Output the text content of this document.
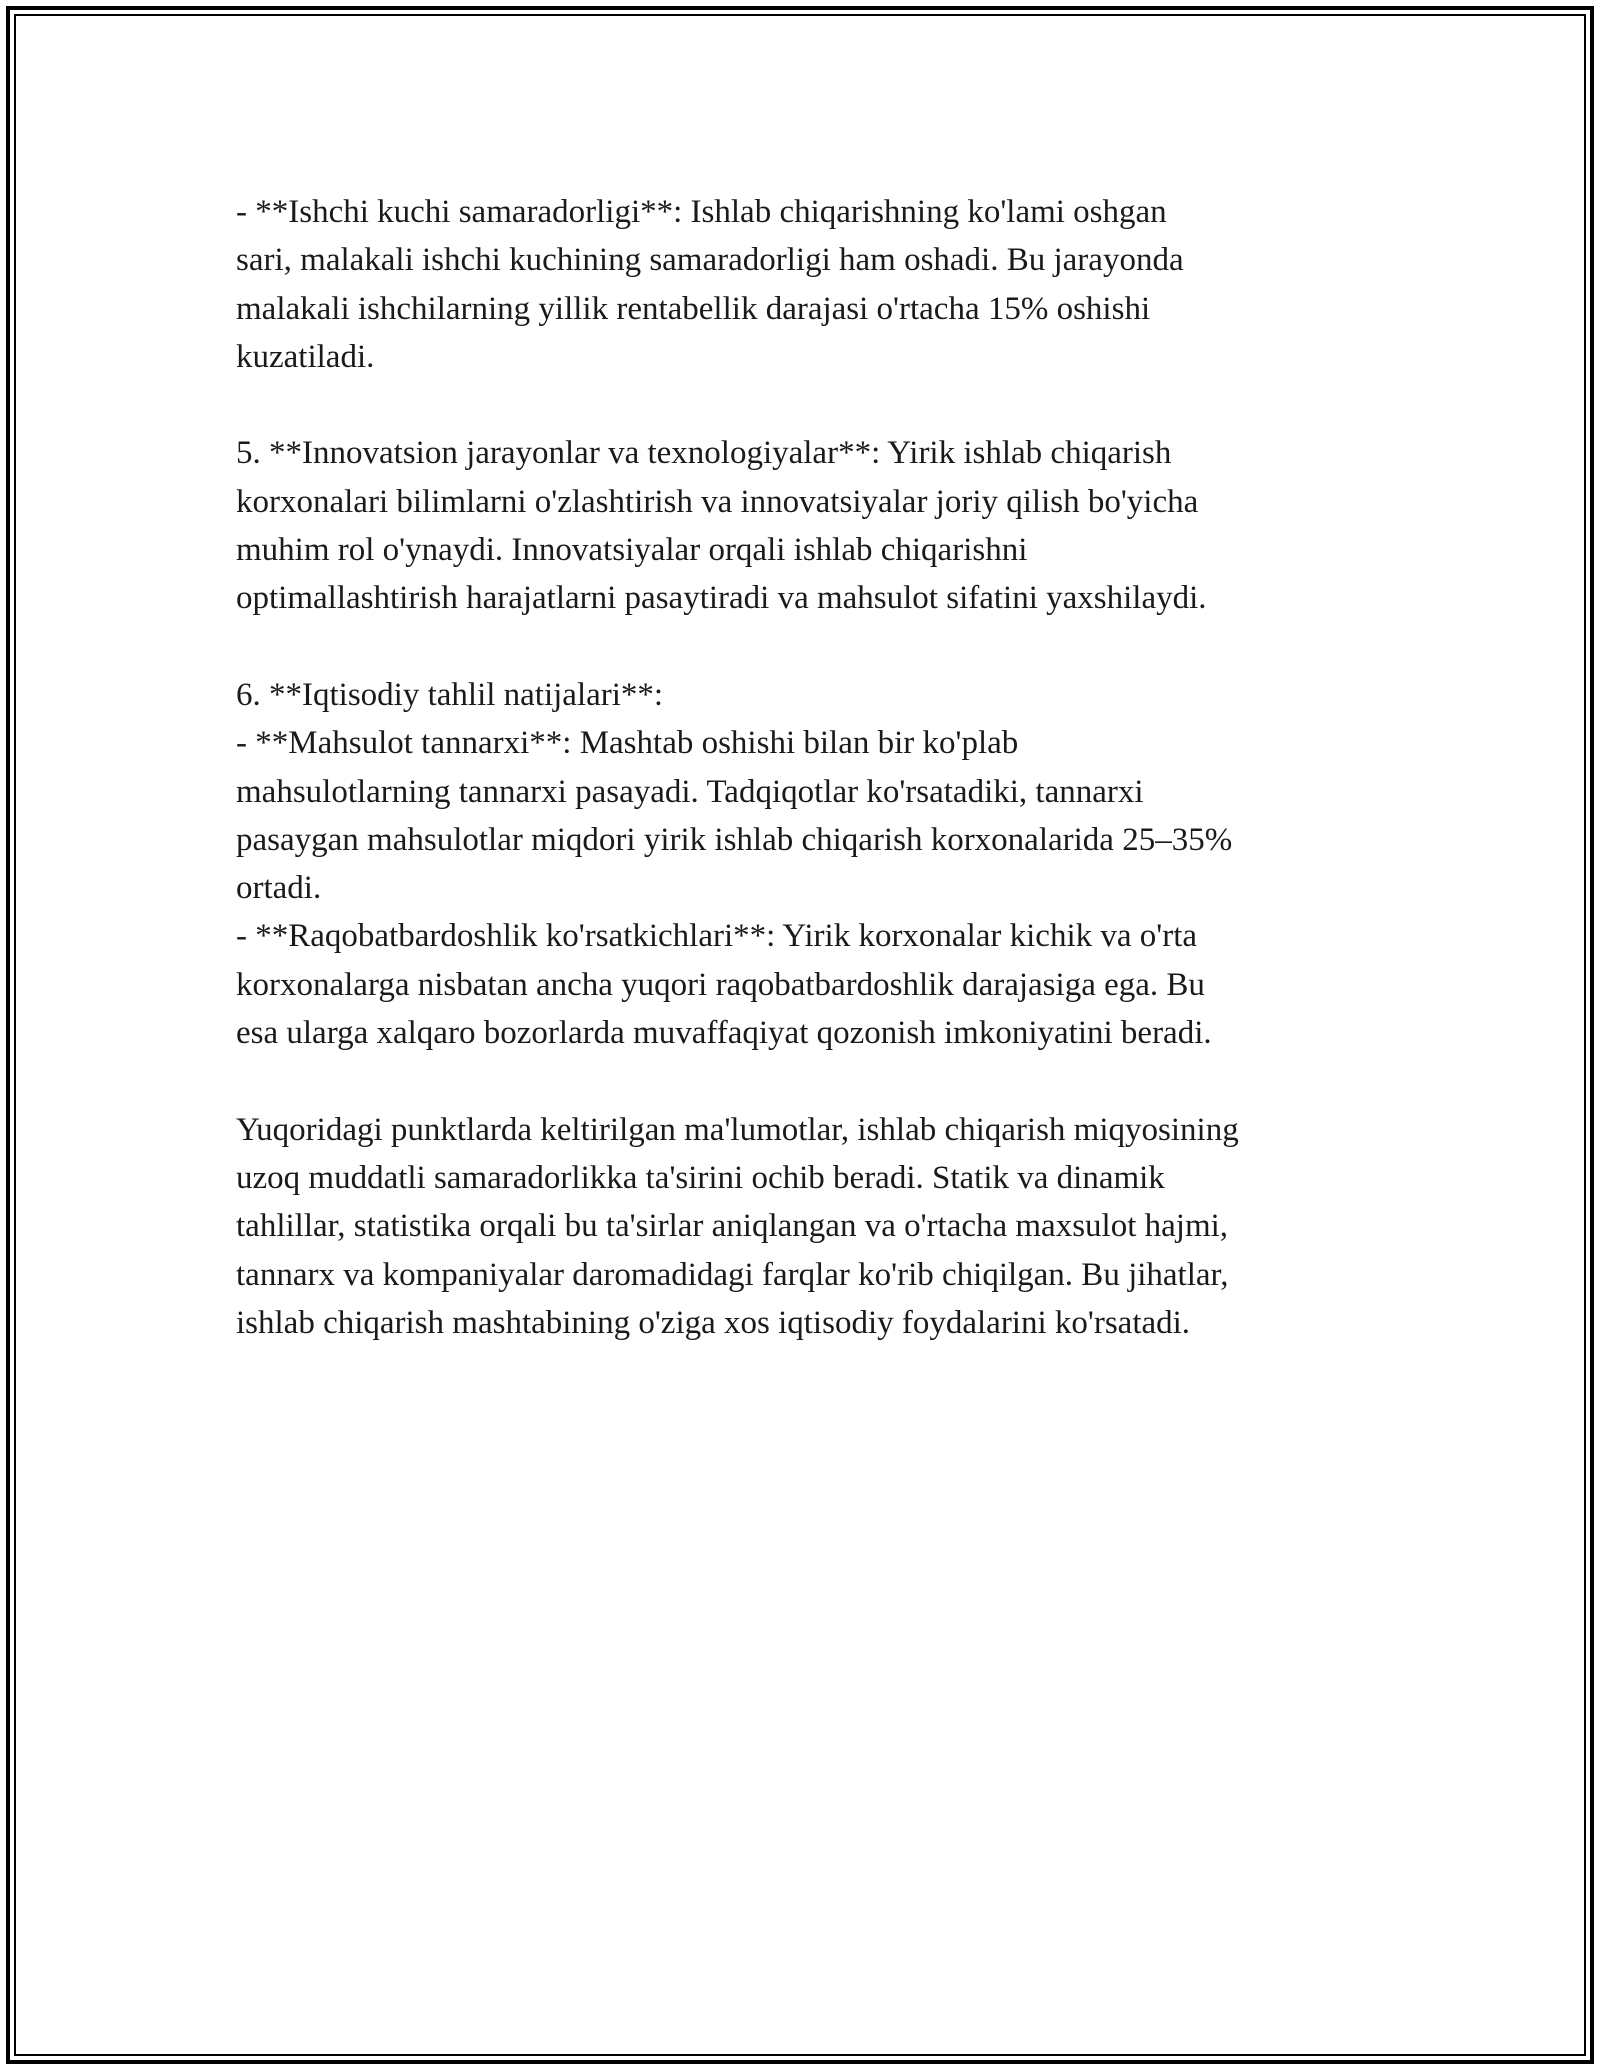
- **Ishchi kuchi samaradorligi**: Ishlab chiqarishning ko'lami oshgan
sari, malakali ishchi kuchining samaradorligi ham oshadi. Bu jarayonda
malakali ishchilarning yillik rentabellik darajasi o'rtacha 15% oshishi
kuzatiladi.

5. **Innovatsion jarayonlar va texnologiyalar**: Yirik ishlab chiqarish
korxonalari bilimlarni o'zlashtirish va innovatsiyalar joriy qilish bo'yicha
muhim rol o'ynaydi. Innovatsiyalar orqali ishlab chiqarishni
optimallashtirish harajatlarni pasaytiradi va mahsulot sifatini yaxshilaydi.

6. **Iqtisodiy tahlil natijalari**:
- **Mahsulot tannarxi**: Mashtab oshishi bilan bir ko'plab
mahsulotlarning tannarxi pasayadi. Tadqiqotlar ko'rsatadiki, tannarxi
pasaygan mahsulotlar miqdori yirik ishlab chiqarish korxonalarida 25–35%
ortadi.
- **Raqobatbardoshlik ko'rsatkichlari**: Yirik korxonalar kichik va o'rta
korxonalarga nisbatan ancha yuqori raqobatbardoshlik darajasiga ega. Bu
esa ularga xalqaro bozorlarda muvaffaqiyat qozonish imkoniyatini beradi.

Yuqoridagi punktlarda keltirilgan ma'lumotlar, ishlab chiqarish miqyosining
uzoq muddatli samaradorlikka ta'sirini ochib beradi. Statik va dinamik
tahlillar, statistika orqali bu ta'sirlar aniqlangan va o'rtacha maxsulot hajmi,
tannarx va kompaniyalar daromadidagi farqlar ko'rib chiqilgan. Bu jihatlar,
ishlab chiqarish mashtabining o'ziga xos iqtisodiy foydalarini ko'rsatadi.
